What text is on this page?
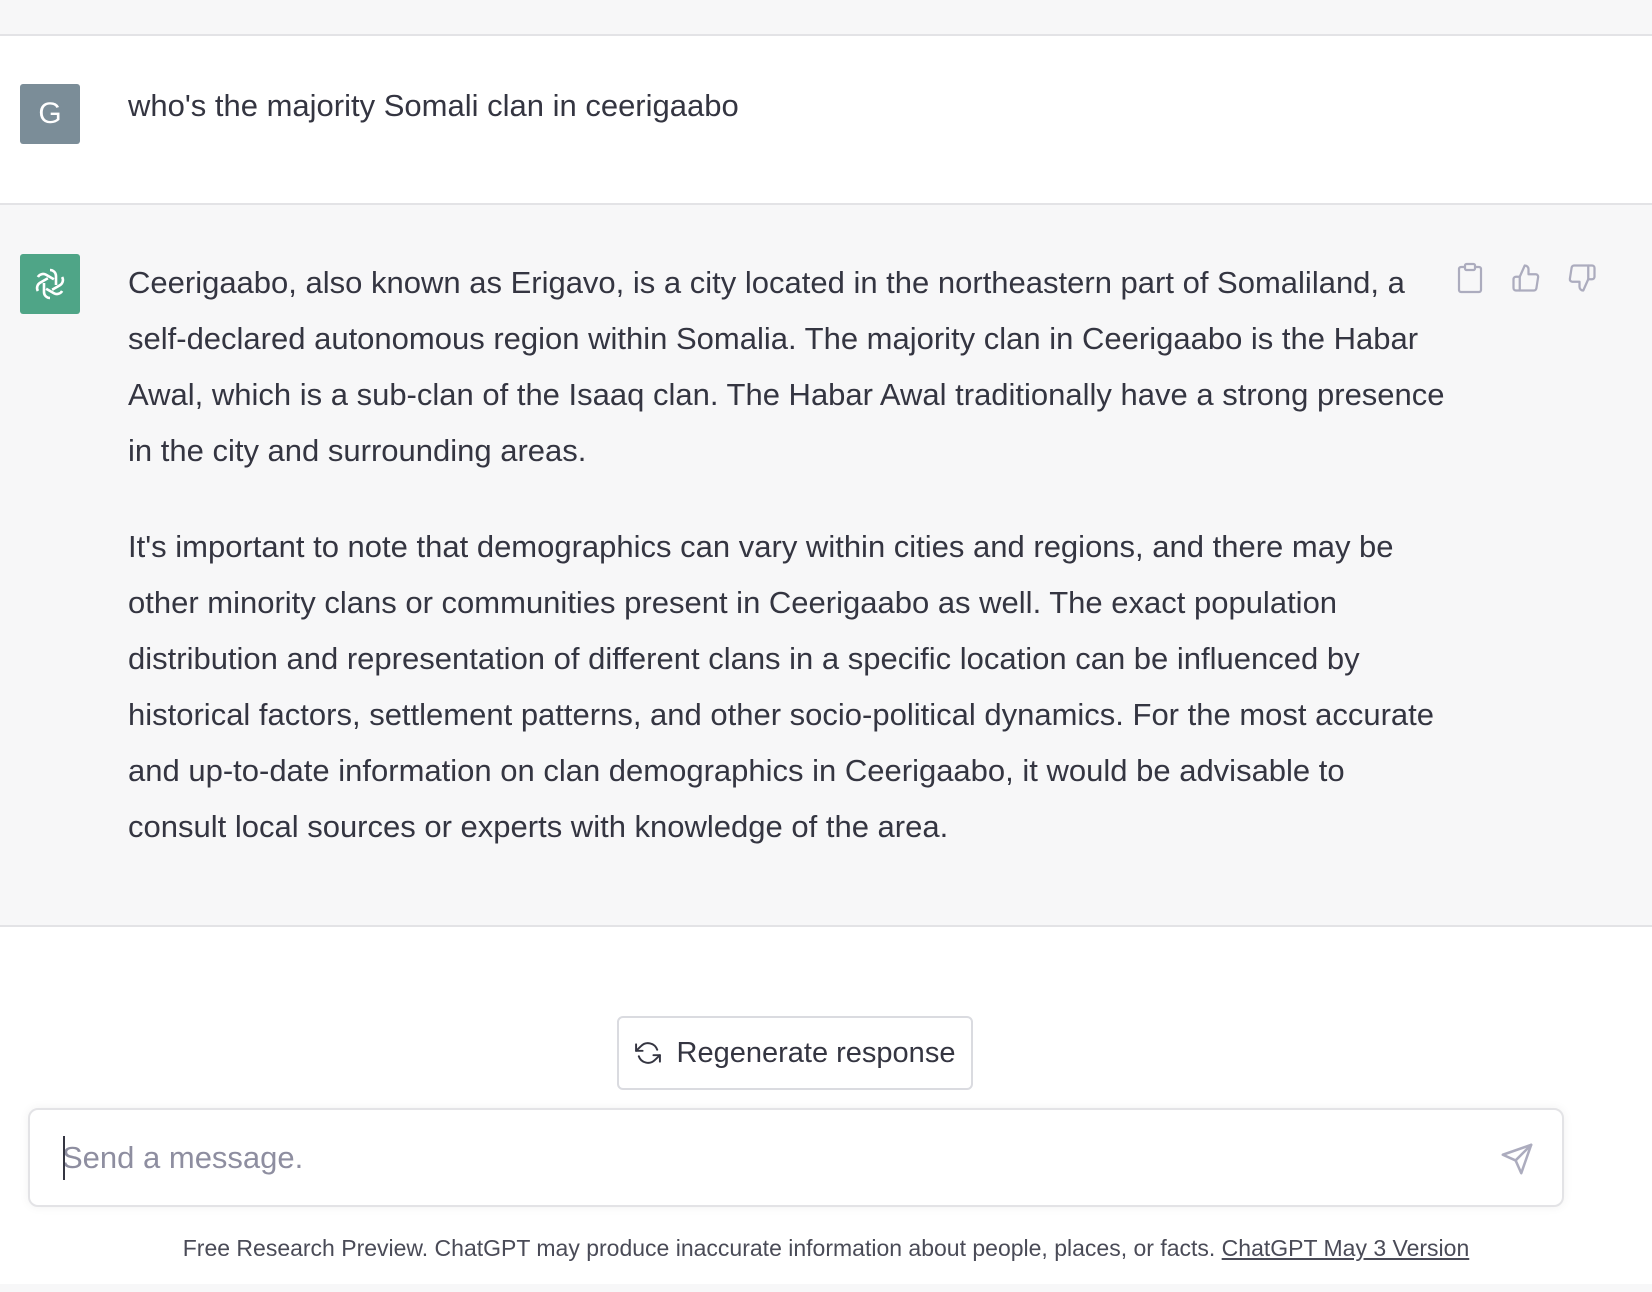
G who's the majority Somali clan in ceerigaabo

Ceerigaabo, also known as Erigavo, is a city located in the northeastern part of Somaliland, a self-declared autonomous region within Somalia. The majority clan in Ceerigaabo is the Habar Awal, which is a sub-clan of the Isaaq clan. The Habar Awal traditionally have a strong presence in the city and surrounding areas.

It's important to note that demographics can vary within cities and regions, and there may be other minority clans or communities present in Ceerigaabo as well. The exact population distribution and representation of different clans in a specific location can be influenced by historical factors, settlement patterns, and other socio-political dynamics. For the most accurate and up-to-date information on clan demographics in Ceerigaabo, it would be advisable to consult local sources or experts with knowledge of the area.

Regenerate response
Send a message.
Free Research Preview. ChatGPT may produce inaccurate information about people, places, or facts. ChatGPT May 3 Version
